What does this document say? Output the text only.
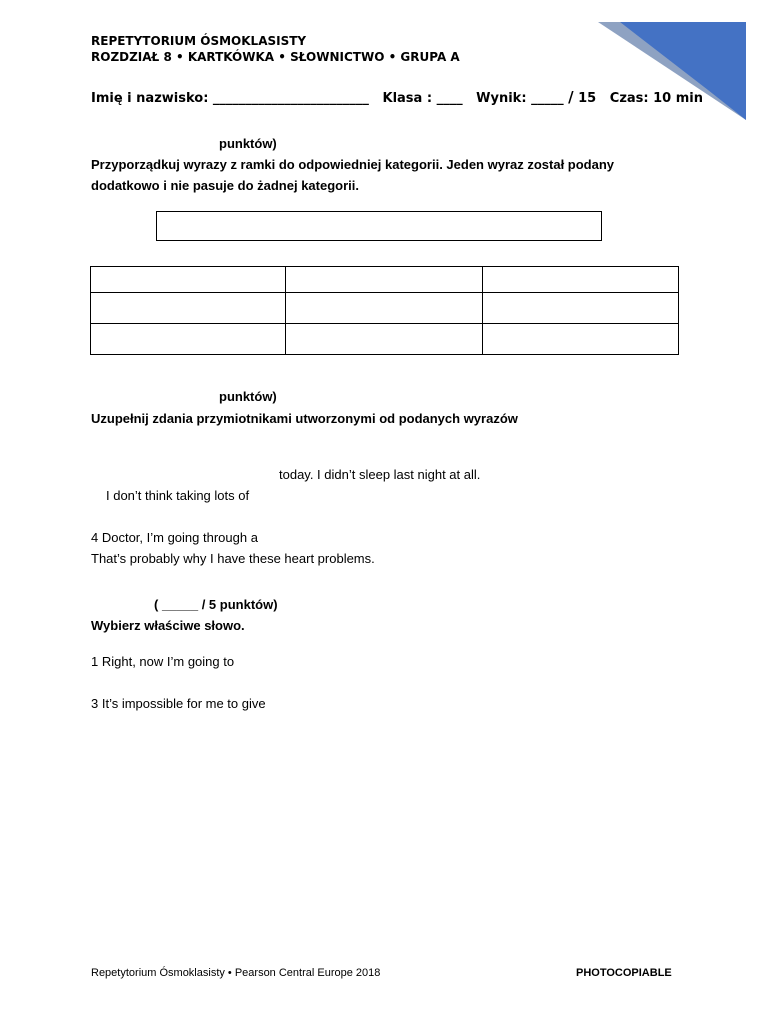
REPETYTORIUM ÓSMOKLASISTY
ROZDZIAŁ 8 • KARTKÓWKA • SŁOWNICTWO • GRUPA A
Imię i nazwisko: ________________________ Klasa : ____ Wynik: _____ / 15 Czas: 10 min
punktów)
Przyporządkuj wyrazy z ramki do odpowiedniej kategorii. Jeden wyraz został podany
dodatkowo i nie pasuje do żadnej kategorii.

punktów)
Uzupełnij zdania przymiotnikami utworzonymi od podanych wyrazów
today. I didn’t sleep last night at all.
I don’t think taking lots of
4 Doctor, I’m going through a
That’s probably why I have these heart problems.
( _____ / 5 punktów)
Wybierz właściwe słowo.
1 Right, now I’m going to
3 It’s impossible for me to give
Repetytorium Ósmoklasisty • Pearson Central Europe 2018	PHOTOCOPIABLE
